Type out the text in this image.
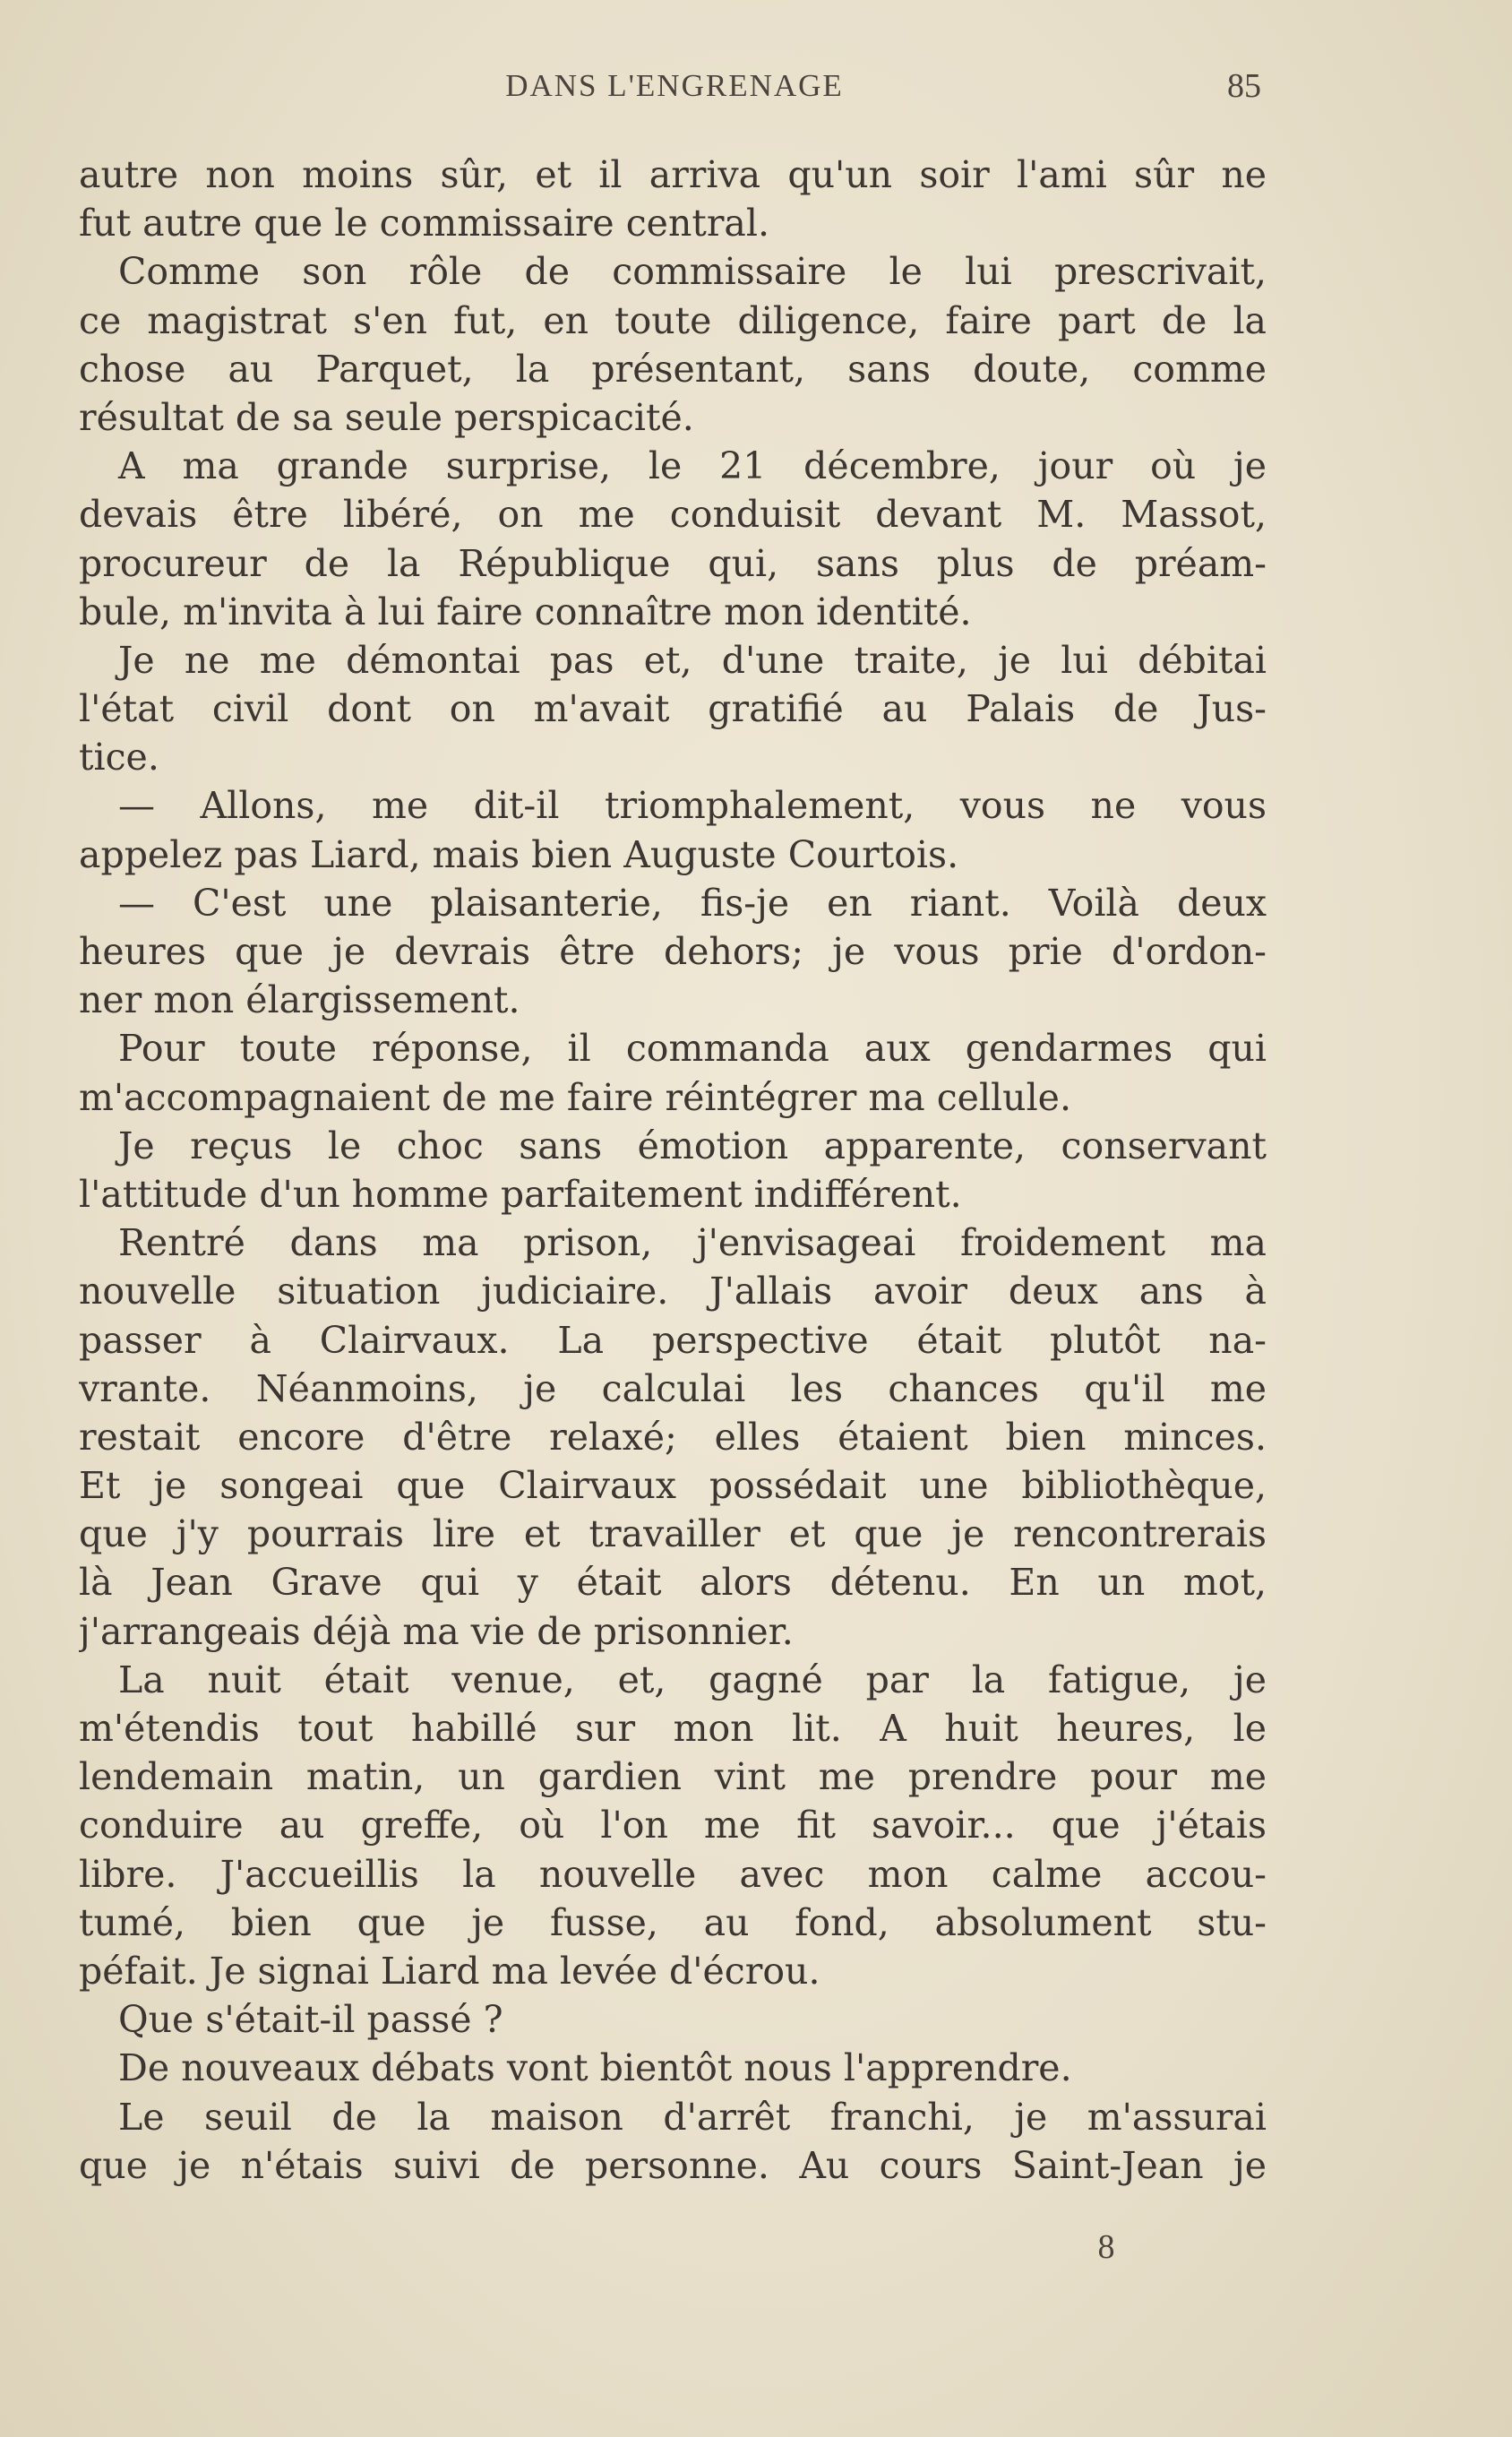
DANS L'ENGRENAGE	85
autre non moins sûr, et il arriva qu'un soir l'ami sûr ne
fut autre que le commissaire central.
Comme son rôle de commissaire le lui prescrivait,
ce magistrat s'en fut, en toute diligence, faire part de la
chose au Parquet, la présentant, sans doute, comme
résultat de sa seule perspicacité.
A ma grande surprise, le 21 décembre, jour où je
devais être libéré, on me conduisit devant M. Massot,
procureur de la République qui, sans plus de préam-
bule, m'invita à lui faire connaître mon identité.
Je ne me démontai pas et, d'une traite, je lui débitai
l'état civil dont on m'avait gratifié au Palais de Jus-
tice.
— Allons, me dit-il triomphalement, vous ne vous
appelez pas Liard, mais bien Auguste Courtois.
— C'est une plaisanterie, fis-je en riant. Voilà deux
heures que je devrais être dehors; je vous prie d'ordon-
ner mon élargissement.
Pour toute réponse, il commanda aux gendarmes qui
m'accompagnaient de me faire réintégrer ma cellule.
Je reçus le choc sans émotion apparente, conservant
l'attitude d'un homme parfaitement indifférent.
Rentré dans ma prison, j'envisageai froidement ma
nouvelle situation judiciaire. J'allais avoir deux ans à
passer à Clairvaux. La perspective était plutôt na-
vrante. Néanmoins, je calculai les chances qu'il me
restait encore d'être relaxé; elles étaient bien minces.
Et je songeai que Clairvaux possédait une bibliothèque,
que j'y pourrais lire et travailler et que je rencontrerais
là Jean Grave qui y était alors détenu. En un mot,
j'arrangeais déjà ma vie de prisonnier.
La nuit était venue, et, gagné par la fatigue, je
m'étendis tout habillé sur mon lit. A huit heures, le
lendemain matin, un gardien vint me prendre pour me
conduire au greffe, où l'on me fit savoir... que j'étais
libre. J'accueillis la nouvelle avec mon calme accou-
tumé, bien que je fusse, au fond, absolument stu-
péfait. Je signai Liard ma levée d'écrou.
Que s'était-il passé ?
De nouveaux débats vont bientôt nous l'apprendre.
Le seuil de la maison d'arrêt franchi, je m'assurai
que je n'étais suivi de personne. Au cours Saint-Jean je
8
